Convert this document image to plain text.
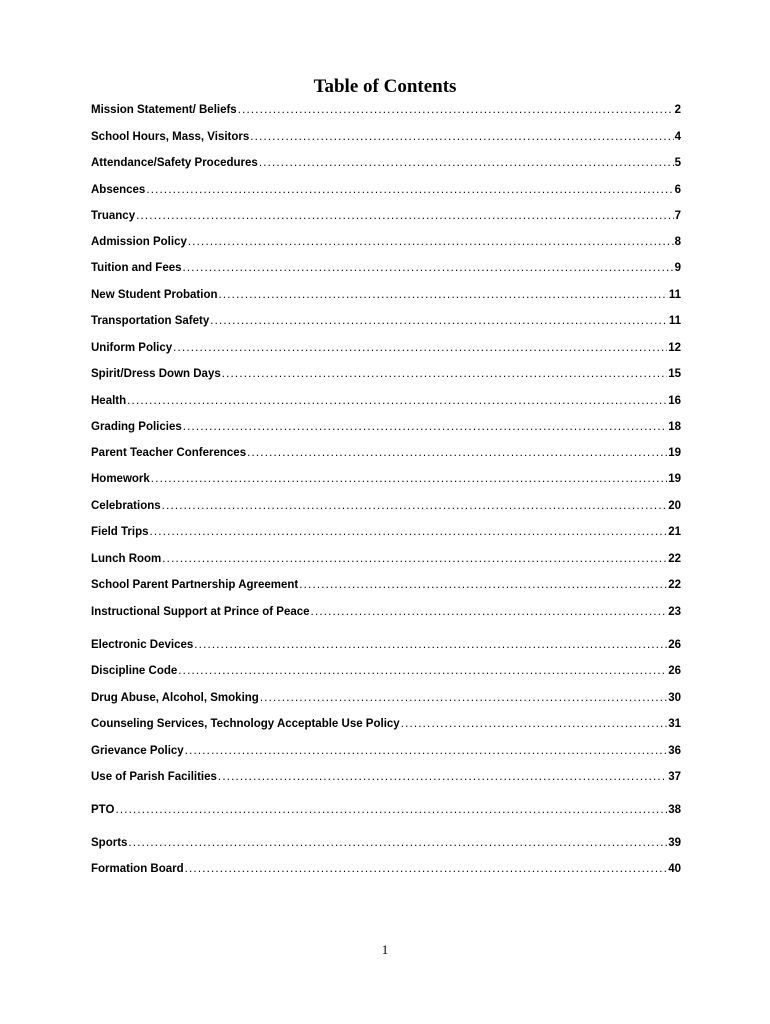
Table of Contents
Mission Statement/ Beliefs .....	2
School Hours, Mass, Visitors .....	4
Attendance/Safety Procedures .....	5
Absences .....	6
Truancy .....	7
Admission Policy .....	8
Tuition and Fees .....	9
New Student Probation .....	11
Transportation Safety .....	11
Uniform Policy .....	12
Spirit/Dress Down Days .....	15
Health .....	16
Grading Policies .....	18
Parent Teacher Conferences .....	19
Homework .....	19
Celebrations .....	20
Field Trips .....	21
Lunch Room .....	22
School Parent Partnership Agreement .....	22
Instructional Support at Prince of Peace .....	23
Electronic Devices .....	26
Discipline Code .....	26
Drug Abuse, Alcohol, Smoking .....	30
Counseling Services, Technology Acceptable Use Policy .....	31
Grievance Policy .....	36
Use of Parish Facilities .....	37
PTO .....	38
Sports .....	39
Formation Board .....	40
1
